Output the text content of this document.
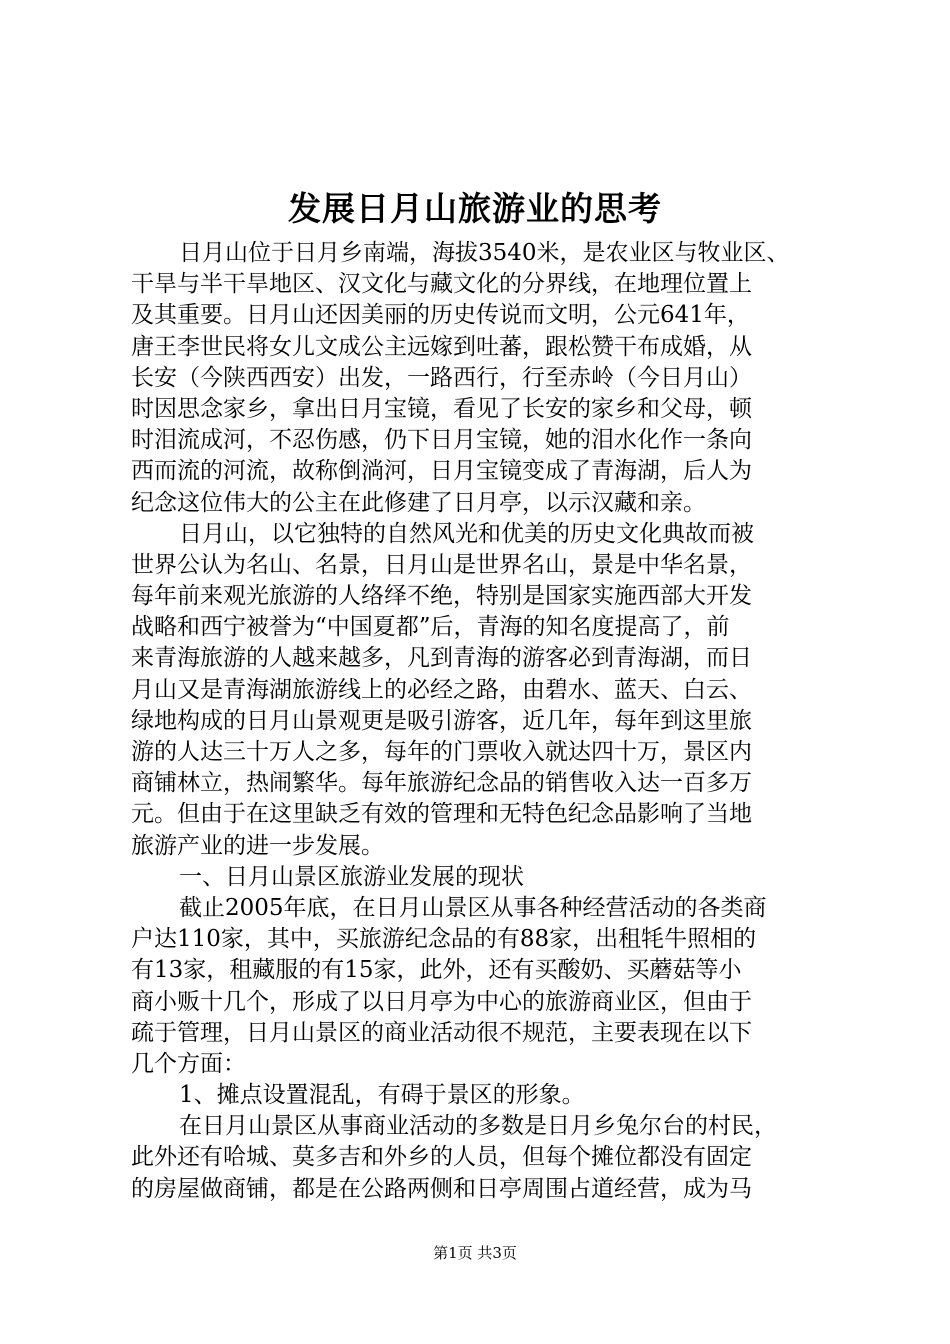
发展日月山旅游业的思考
日月山位于日月乡南端，海拔3540米，是农业区与牧业区、
干旱与半干旱地区、汉文化与藏文化的分界线，在地理位置上
及其重要。日月山还因美丽的历史传说而文明，公元641年，
唐王李世民将女儿文成公主远嫁到吐蕃，跟松赞干布成婚，从
长安（今陕西西安）出发，一路西行，行至赤岭（今日月山）
时因思念家乡，拿出日月宝镜，看见了长安的家乡和父母，顿
时泪流成河，不忍伤感，仍下日月宝镜，她的泪水化作一条向
西而流的河流，故称倒淌河，日月宝镜变成了青海湖，后人为
纪念这位伟大的公主在此修建了日月亭，以示汉藏和亲。
日月山，以它独特的自然风光和优美的历史文化典故而被
世界公认为名山、名景，日月山是世界名山，景是中华名景，
每年前来观光旅游的人络绎不绝，特别是国家实施西部大开发
战略和西宁被誉为“中国夏都”后，青海的知名度提高了，前
来青海旅游的人越来越多，凡到青海的游客必到青海湖，而日
月山又是青海湖旅游线上的必经之路，由碧水、蓝天、白云、
绿地构成的日月山景观更是吸引游客，近几年，每年到这里旅
游的人达三十万人之多，每年的门票收入就达四十万，景区内
商铺林立，热闹繁华。每年旅游纪念品的销售收入达一百多万
元。但由于在这里缺乏有效的管理和无特色纪念品影响了当地
旅游产业的进一步发展。
一、日月山景区旅游业发展的现状
截止2005年底，在日月山景区从事各种经营活动的各类商
户达110家，其中，买旅游纪念品的有88家，出租牦牛照相的
有13家，租藏服的有15家，此外，还有买酸奶、买蘑菇等小
商小贩十几个，形成了以日月亭为中心的旅游商业区，但由于
疏于管理，日月山景区的商业活动很不规范，主要表现在以下
几个方面：
1、摊点设置混乱，有碍于景区的形象。
在日月山景区从事商业活动的多数是日月乡兔尔台的村民，
此外还有哈城、莫多吉和外乡的人员，但每个摊位都没有固定
的房屋做商铺，都是在公路两侧和日亭周围占道经营，成为马
第1页 共3页
